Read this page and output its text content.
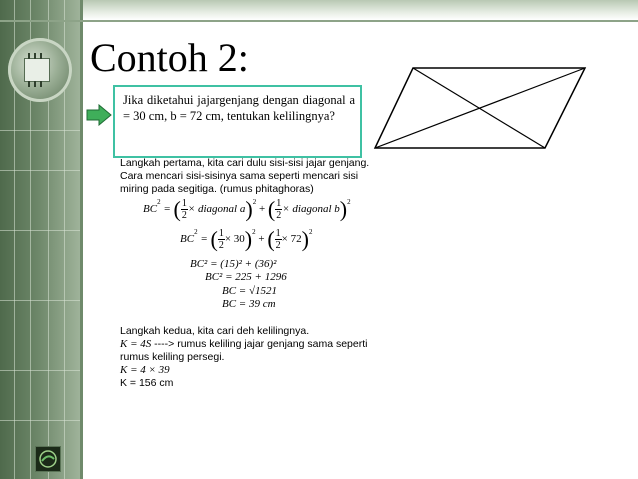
Contoh 2:
Jika diketahui jajargenjang dengan diagonal a = 30 cm, b = 72 cm, tentukan kelilingnya?
Langkah pertama, kita cari dulu sisi-sisi jajar genjang.
Cara mencari sisi-sisinya sama seperti mencari sisi
miring pada segitiga. (rumus phitaghoras)
$BC^2$ = ( $\frac{1}{2}$ × diagonal a)$^2$ + ( $\frac{1}{2}$ × diagonal b)$^2$
$BC^2$ = ( $\frac{1}{2} \times 30)^2$ + ( $\frac{1}{2} \times 72)^2$
BC² = (15)² + (36)²
BC² = 225 + 1296
BC = √1521
BC = 39 cm
Langkah kedua, kita cari deh kelilingnya.
K = 4S ----> rumus keliling jajar genjang sama seperti
rumus keliling persegi.
K = 4 × 39
K = 156 cm
